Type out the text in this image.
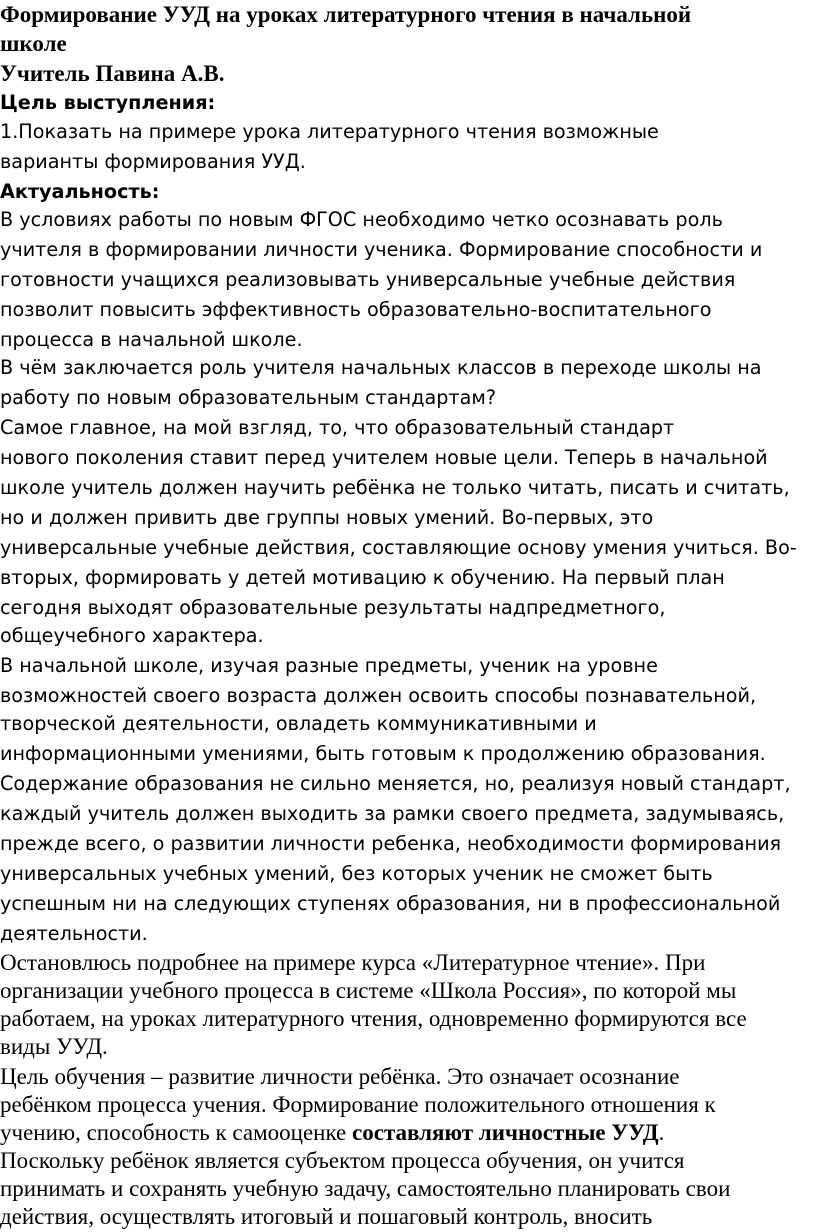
Формирование УУД на уроках литературного чтения в начальной
школе
Учитель Павина А.В.
Цель выступления:
1.Показать на примере урока литературного чтения возможные
варианты формирования УУД.
Актуальность:
В условиях работы по новым ФГОС необходимо четко осознавать роль
учителя в формировании личности ученика. Формирование способности и
готовности учащихся реализовывать универсальные учебные действия
позволит повысить эффективность образовательно-воспитательного
процесса в начальной школе.
В чём заключается роль учителя начальных классов в переходе школы на
работу по новым образовательным стандартам?
Самое главное, на мой взгляд, то, что образовательный стандарт
нового поколения ставит перед учителем новые цели. Теперь в начальной
школе учитель должен научить ребёнка не только читать, писать и считать,
но и должен привить две группы новых умений. Во-первых, это
универсальные учебные действия, составляющие основу умения учиться. Во-
вторых, формировать у детей мотивацию к обучению. На первый план
сегодня выходят образовательные результаты надпредметного,
общеучебного характера.
В начальной школе, изучая разные предметы, ученик на уровне
возможностей своего возраста должен освоить способы познавательной,
творческой деятельности, овладеть коммуникативными и
информационными умениями, быть готовым к продолжению образования.
Содержание образования не сильно меняется, но, реализуя новый стандарт,
каждый учитель должен выходить за рамки своего предмета, задумываясь,
прежде всего, о развитии личности ребенка, необходимости формирования
универсальных учебных умений, без которых ученик не сможет быть
успешным ни на следующих ступенях образования, ни в профессиональной
деятельности.
Остановлюсь подробнее на примере курса «Литературное чтение». При
организации учебного процесса в системе «Школа Россия», по которой мы
работаем, на уроках литературного чтения, одновременно формируются все
виды УУД.
Цель обучения – развитие личности ребёнка. Это означает осознание
ребёнком процесса учения. Формирование положительного отношения к
учению, способность к самооценке составляют личностные УУД.
Поскольку ребёнок является субъектом процесса обучения, он учится
принимать и сохранять учебную задачу, самостоятельно планировать свои
действия, осуществлять итоговый и пошаговый контроль, вносить
